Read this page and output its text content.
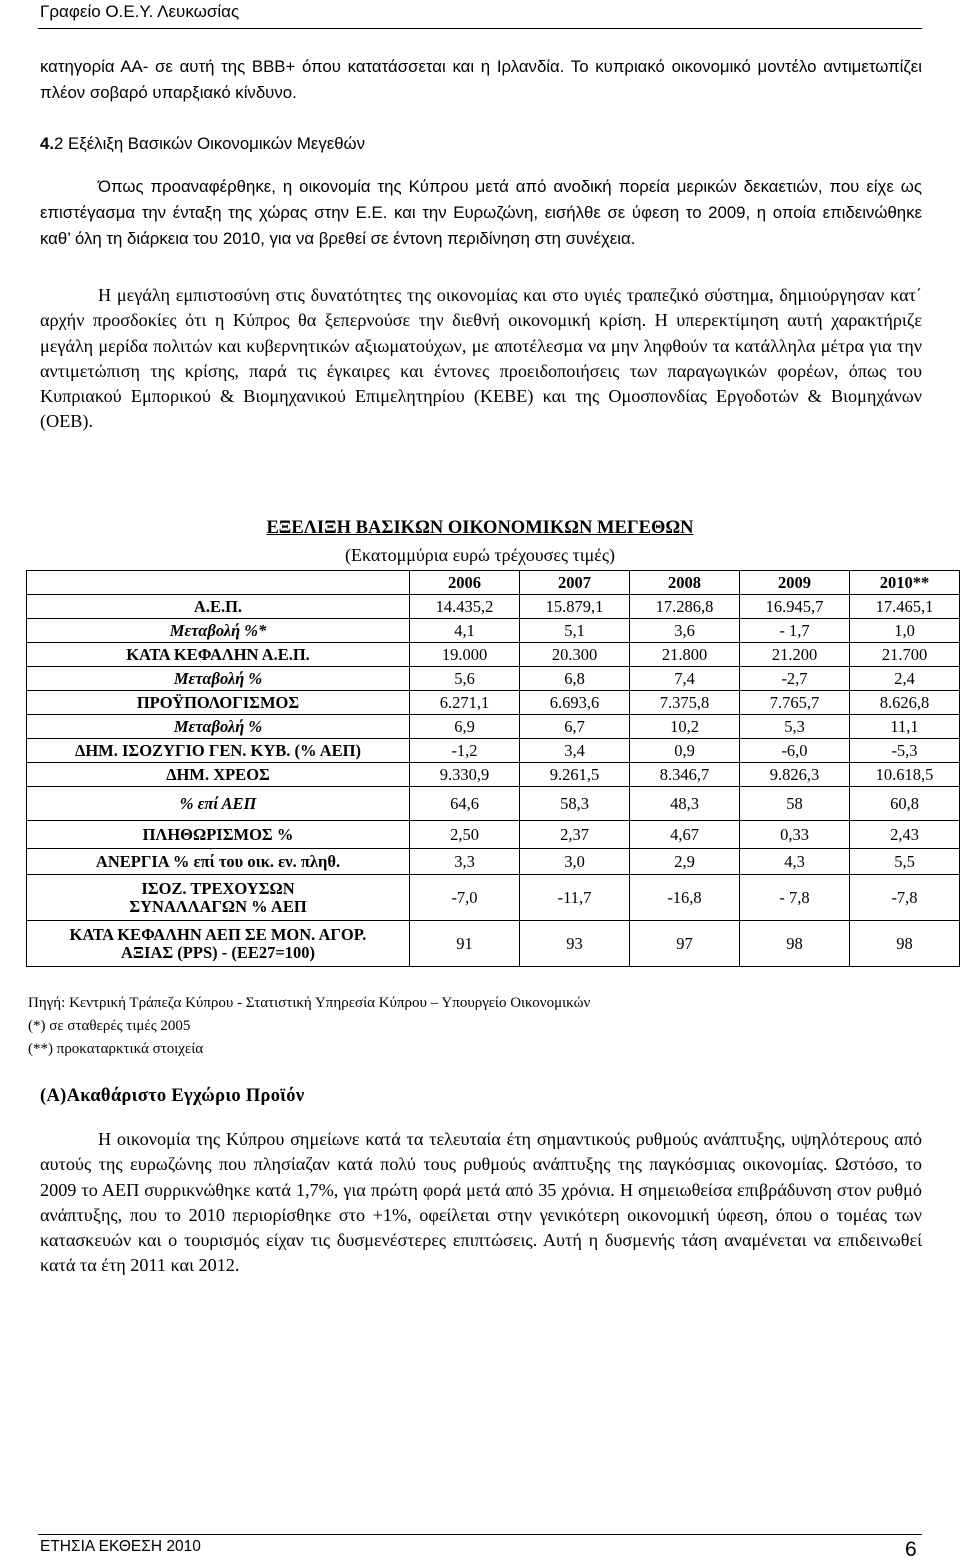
Γραφείο Ο.Ε.Υ. Λευκωσίας

κατηγορία ΑΑ- σε αυτή της ΒΒΒ+ όπου κατατάσσεται και η Ιρλανδία. Το κυπριακό οικονομικό μοντέλο αντιμετωπίζει πλέον σοβαρό υπαρξιακό κίνδυνο.

4.2 Εξέλιξη Βασικών Οικονομικών Μεγεθών

Όπως προαναφέρθηκε, η οικονομία της Κύπρου μετά από ανοδική πορεία μερικών δεκαετιών, που είχε ως επιστέγασμα την ένταξη της χώρας στην Ε.Ε. και την Ευρωζώνη, εισήλθε σε ύφεση το 2009, η οποία επιδεινώθηκε καθ’ όλη τη διάρκεια του 2010, για να βρεθεί σε έντονη περιδίνηση στη συνέχεια.

Η μεγάλη εμπιστοσύνη στις δυνατότητες της οικονομίας και στο υγιές τραπεζικό σύστημα, δημιούργησαν κατ΄ αρχήν προσδοκίες ότι η Κύπρος θα ξεπερνούσε την διεθνή οικονομική κρίση. Η υπερεκτίμηση αυτή χαρακτήριζε μεγάλη μερίδα πολιτών και κυβερνητικών αξιωματούχων, με αποτέλεσμα να μην ληφθούν τα κατάλληλα μέτρα για την αντιμετώπιση της κρίσης, παρά τις έγκαιρες και έντονες προειδοποιήσεις των παραγωγικών φορέων, όπως του Κυπριακού Εμπορικού & Βιομηχανικού Επιμελητηρίου (ΚΕΒΕ) και της Ομοσπονδίας Εργοδοτών & Βιομηχάνων (ΟΕΒ).

ΕΞΕΛΙΞΗ ΒΑΣΙΚΩΝ ΟΙΚΟΝΟΜΙΚΩΝ ΜΕΓΕΘΩΝ
(Εκατομμύρια ευρώ τρέχουσες τιμές)
	2006	2007	2008	2009	2010**

Α.Ε.Π.	14.435,2	15.879,1	17.286,8	16.945,7	17.465,1

Μεταβολή %*	4,1	5,1	3,6	- 1,7	1,0

ΚΑΤΑ ΚΕΦΑΛΗΝ Α.Ε.Π.	19.000	20.300	21.800	21.200	21.700

Μεταβολή %	5,6	6,8	7,4	-2,7	2,4

ΠΡΟΫΠΟΛΟΓΙΣΜΟΣ	6.271,1	6.693,6	7.375,8	7.765,7	8.626,8

Μεταβολή %	6,9	6,7	10,2	5,3	11,1

ΔΗΜ. ΙΣΟΖΥΓΙΟ ΓΕΝ. ΚΥΒ. (% ΑΕΠ)	-1,2	3,4	0,9	-6,0	-5,3

ΔΗΜ. ΧΡΕΟΣ	9.330,9	9.261,5	8.346,7	9.826,3	10.618,5

% επί ΑΕΠ	64,6	58,3	48,3	58	60,8

ΠΛΗΘΩΡΙΣΜΟΣ %	2,50	2,37	4,67	0,33	2,43

ΑΝΕΡΓΙΑ % επί του οικ. εν. πληθ.	3,3	3,0	2,9	4,3	5,5

ΙΣΟΖ. ΤΡΕΧΟΥΣΩΝ
ΣΥΝΑΛΛΑΓΩΝ % ΑΕΠ	-7,0	-11,7	-16,8	- 7,8	-7,8

ΚΑΤΑ ΚΕΦΑΛΗΝ ΑΕΠ ΣΕ ΜΟΝ. ΑΓΟΡ.
ΑΞΙΑΣ (PPS) - (ΕΕ27=100)	91	93	97	98	98
Πηγή: Κεντρική Τράπεζα Κύπρου - Στατιστική Υπηρεσία Κύπρου – Υπουργείο Οικονομικών
(*) σε σταθερές τιμές 2005
(**) προκαταρκτικά στοιχεία
(Α)Ακαθάριστο Εγχώριο Προϊόν

Η οικονομία της Κύπρου σημείωνε κατά τα τελευταία έτη σημαντικούς ρυθμούς ανάπτυξης, υψηλότερους από αυτούς της ευρωζώνης που πλησίαζαν κατά πολύ τους ρυθμούς ανάπτυξης της παγκόσμιας οικονομίας. Ωστόσο, το 2009 το ΑΕΠ συρρικνώθηκε κατά 1,7%, για πρώτη φορά μετά από 35 χρόνια. Η σημειωθείσα επιβράδυνση στον ρυθμό ανάπτυξης, που το 2010 περιορίσθηκε στο +1%, οφείλεται στην γενικότερη οικονομική ύφεση, όπου ο τομέας των κατασκευών και ο τουρισμός είχαν τις δυσμενέστερες επιπτώσεις. Αυτή η δυσμενής τάση αναμένεται να επιδεινωθεί κατά τα έτη 2011 και 2012.

ΕΤΗΣΙΑ ΕΚΘΕΣΗ 2010	6
